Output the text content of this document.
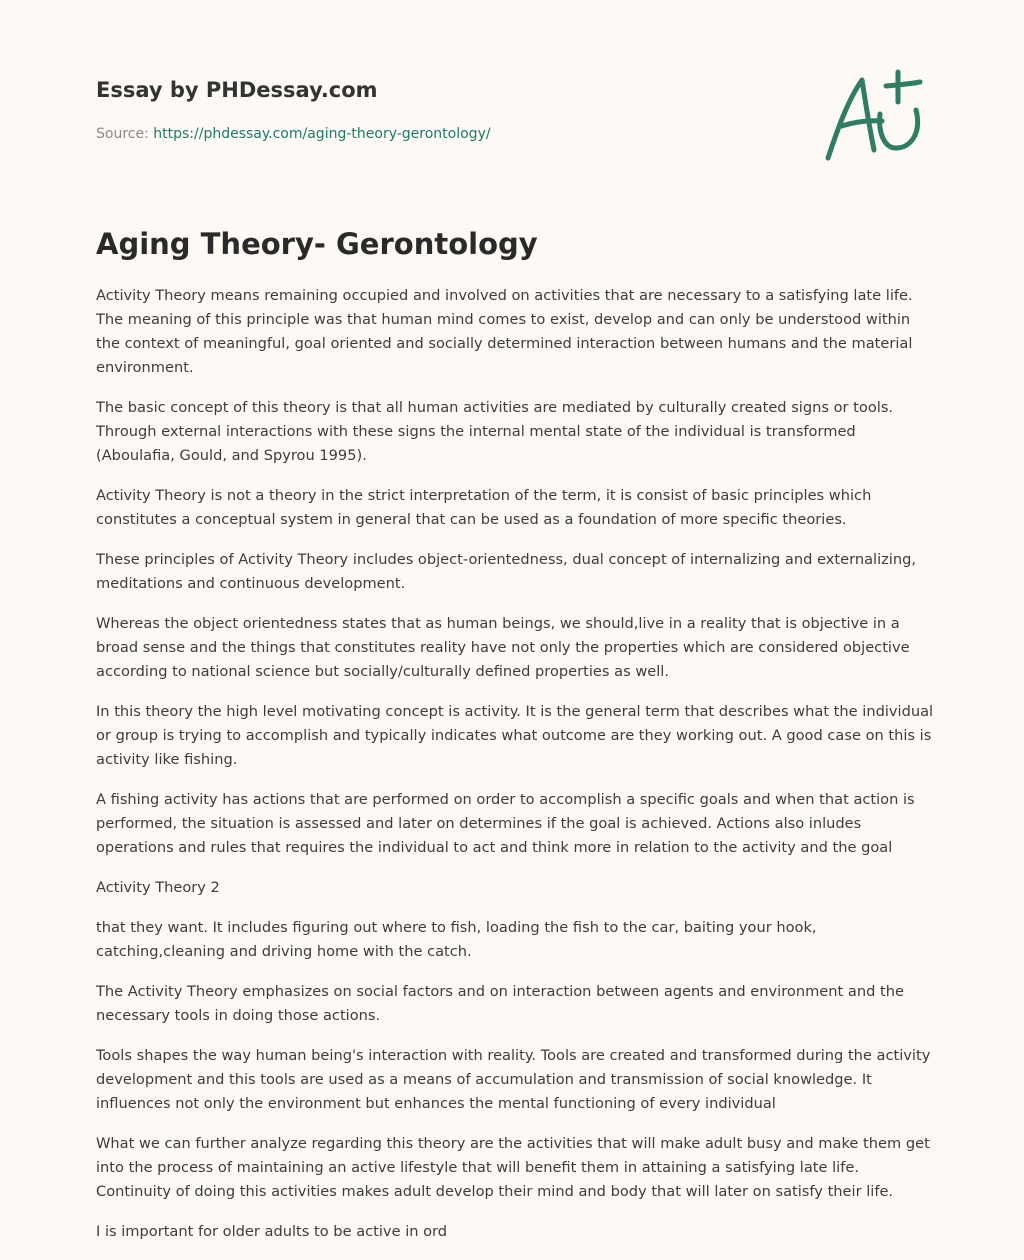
Essay by PHDessay.com
Source: https://phdessay.com/aging-theory-gerontology/
Aging Theory- Gerontology

Activity Theory means remaining occupied and involved on activities that are necessary to a satisfying late life. The meaning of this principle was that human mind comes to exist, develop and can only be understood within the context of meaningful, goal oriented and socially determined interaction between humans and the material environment.

The basic concept of this theory is that all human activities are mediated by culturally created signs or tools. Through external interactions with these signs the internal mental state of the individual is transformed (Aboulafia, Gould, and Spyrou 1995).

Activity Theory is not a theory in the strict interpretation of the term, it is consist of basic principles which constitutes a conceptual system in general that can be used as a foundation of more specific theories.

These principles of Activity Theory includes object-orientedness, dual concept of internalizing and externalizing, meditations and continuous development.

Whereas the object orientedness states that as human beings, we should,live in a reality that is objective in a broad sense and the things that constitutes reality have not only the properties which are considered objective according to national science but socially/culturally defined properties as well.

In this theory the high level motivating concept is activity. It is the general term that describes what the individual or group is trying to accomplish and typically indicates what outcome are they working out. A good case on this is activity like fishing.

A fishing activity has actions that are performed on order to accomplish a specific goals and when that action is performed, the situation is assessed and later on determines if the goal is achieved. Actions also inludes operations and rules that requires the individual to act and think more in relation to the activity and the goal

Activity Theory 2

that they want. It includes figuring out where to fish, loading the fish to the car, baiting your hook, catching,cleaning and driving home with the catch.

The Activity Theory emphasizes on social factors and on interaction between agents and environment and the necessary tools in doing those actions.

Tools shapes the way human being's interaction with reality. Tools are created and transformed during the activity development and this tools are used as a means of accumulation and transmission of social knowledge. It influences not only the environment but enhances the mental functioning of every individual

What we can further analyze regarding this theory are the activities that will make adult busy and make them get into the process of maintaining an active lifestyle that will benefit them in attaining a satisfying late life. Continuity of doing this activities makes adult develop their mind and body that will later on satisfy their life.

I is important for older adults to be active in ord
